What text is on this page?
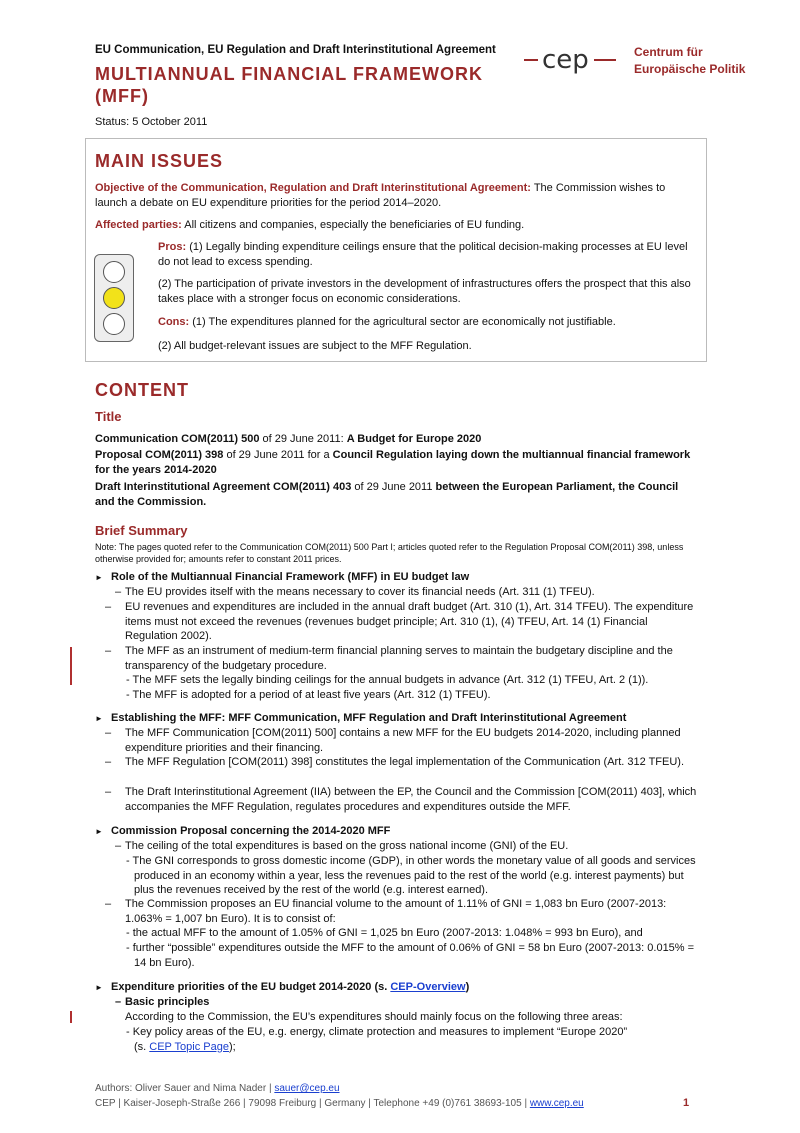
EU Communication, EU Regulation and Draft Interinstitutional Agreement
MULTIANNUAL FINANCIAL FRAMEWORK
(MFF)
Status: 5 October 2011
cep	Centrum für
Europäische Politik
MAIN ISSUES
Objective of the Communication, Regulation and Draft Interinstitutional Agreement: The Commission wishes to launch a debate on EU expenditure priorities for the period 2014–2020.
Affected parties: All citizens and companies, especially the beneficiaries of EU funding.
Pros: (1) Legally binding expenditure ceilings ensure that the political decision-making processes at EU level do not lead to excess spending.
(2) The participation of private investors in the development of infrastructures offers the prospect that this also takes place with a stronger focus on economic considerations.
Cons: (1) The expenditures planned for the agricultural sector are economically not justifiable.
(2) All budget-relevant issues are subject to the MFF Regulation.
CONTENT
Title
Communication COM(2011) 500 of 29 June 2011: A Budget for Europe 2020
Proposal COM(2011) 398 of 29 June 2011 for a Council Regulation laying down the multiannual financial framework for the years 2014-2020
Draft Interinstitutional Agreement COM(2011) 403 of 29 June 2011 between the European Parliament, the Council and the Commission.
Brief Summary
Note: The pages quoted refer to the Communication COM(2011) 500 Part I; articles quoted refer to the Regulation Proposal COM(2011) 398, unless otherwise provided for; amounts refer to constant 2011 prices.
► Role of the Multiannual Financial Framework (MFF) in EU budget law
– The EU provides itself with the means necessary to cover its financial needs (Art. 311 (1) TFEU).
– EU revenues and expenditures are included in the annual draft budget (Art. 310 (1), Art. 314 TFEU). The expenditure items must not exceed the revenues (revenues budget principle; Art. 310 (1), (4) TFEU, Art. 14 (1) Financial Regulation 2002).
– The MFF as an instrument of medium-term financial planning serves to maintain the budgetary discipline and the transparency of the budgetary procedure.
- The MFF sets the legally binding ceilings for the annual budgets in advance (Art. 312 (1) TFEU, Art. 2 (1)).
- The MFF is adopted for a period of at least five years (Art. 312 (1) TFEU).
► Establishing the MFF: MFF Communication, MFF Regulation and Draft Interinstitutional Agreement
– The MFF Communication [COM(2011) 500] contains a new MFF for the EU budgets 2014-2020, including planned expenditure priorities and their financing.
– The MFF Regulation [COM(2011) 398] constitutes the legal implementation of the Communication (Art. 312 TFEU).
– The Draft Interinstitutional Agreement (IIA) between the EP, the Council and the Commission [COM(2011) 403], which accompanies the MFF Regulation, regulates procedures and expenditures outside the MFF.
► Commission Proposal concerning the 2014-2020 MFF
– The ceiling of the total expenditures is based on the gross national income (GNI) of the EU.
- The GNI corresponds to gross domestic income (GDP), in other words the monetary value of all goods and services produced in an economy within a year, less the revenues paid to the rest of the world (e.g. interest payments) but plus the revenues received by the rest of the world (e.g. interest earned).
– The Commission proposes an EU financial volume to the amount of 1.11% of GNI = 1,083 bn Euro (2007-2013: 1.063% = 1,007 bn Euro). It is to consist of:
- the actual MFF to the amount of 1.05% of GNI = 1,025 bn Euro (2007-2013: 1.048% = 993 bn Euro), and
- further “possible” expenditures outside the MFF to the amount of 0.06% of GNI = 58 bn Euro (2007-2013: 0.015% = 14 bn Euro).
► Expenditure priorities of the EU budget 2014-2020 (s. CEP-Overview)
– Basic principles
According to the Commission, the EU’s expenditures should mainly focus on the following three areas:
- Key policy areas of the EU, e.g. energy, climate protection and measures to implement “Europe 2020”
(s. CEP Topic Page);
Authors: Oliver Sauer and Nima Nader | sauer@cep.eu
CEP | Kaiser-Joseph-Straße 266 | 79098 Freiburg | Germany | Telephone +49 (0)761 38693-105 | www.cep.eu	1
